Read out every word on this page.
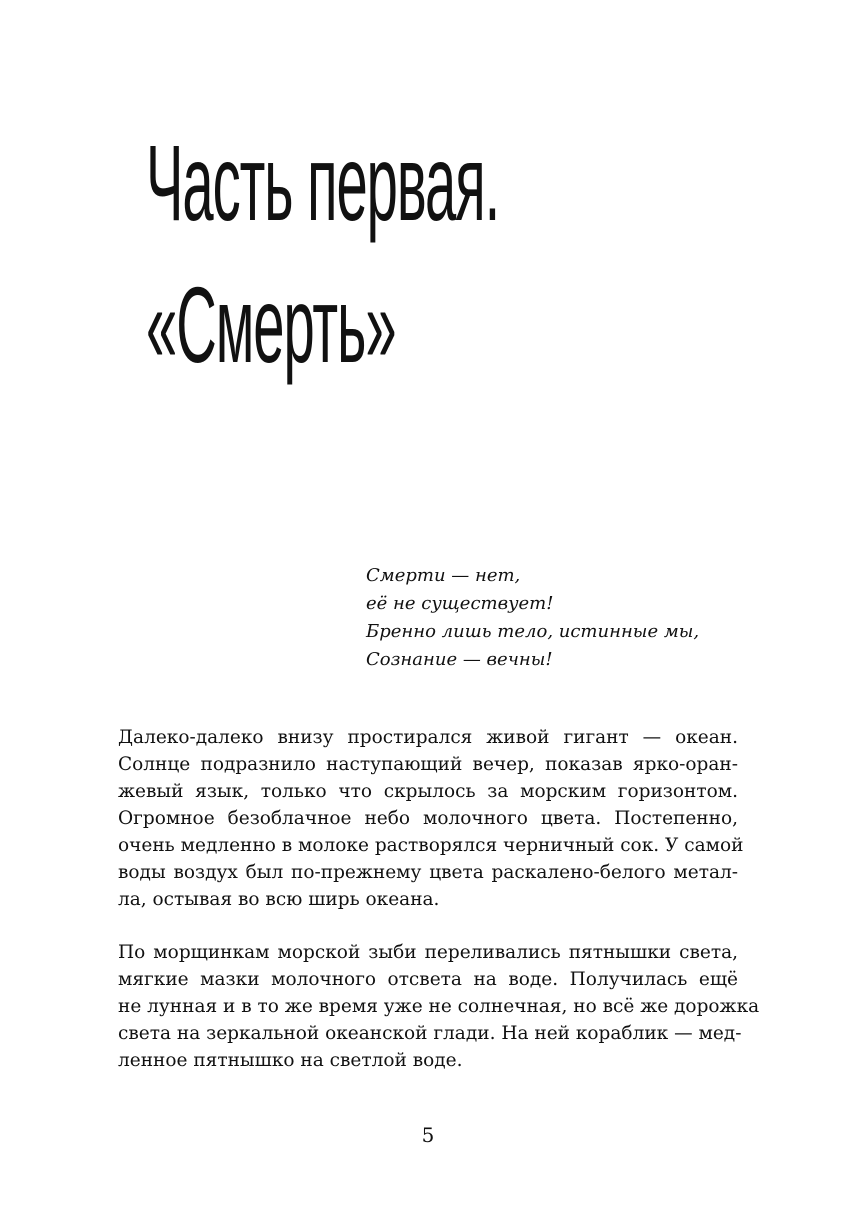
Часть первая.
«Смерть»
Смерти — нет,
её не существует!
Бренно лишь тело, истинные мы,
Сознание — вечны!

Далеко-далеко внизу простирался живой гигант — океан.
Солнце подразнило наступающий вечер, показав ярко-оран-
жевый язык, только что скрылось за морским горизонтом.
Огромное безоблачное небо молочного цвета. Постепенно,
очень медленно в молоке растворялся черничный сок. У самой
воды воздух был по-прежнему цвета раскалено-белого метал-
ла, остывая во всю ширь океана.

По морщинкам морской зыби переливались пятнышки света,
мягкие мазки молочного отсвета на воде. Получилась ещё
не лунная и в то же время уже не солнечная, но всё же дорожка
света на зеркальной океанской глади. На ней кораблик — мед-
ленное пятнышко на светлой воде.

5
